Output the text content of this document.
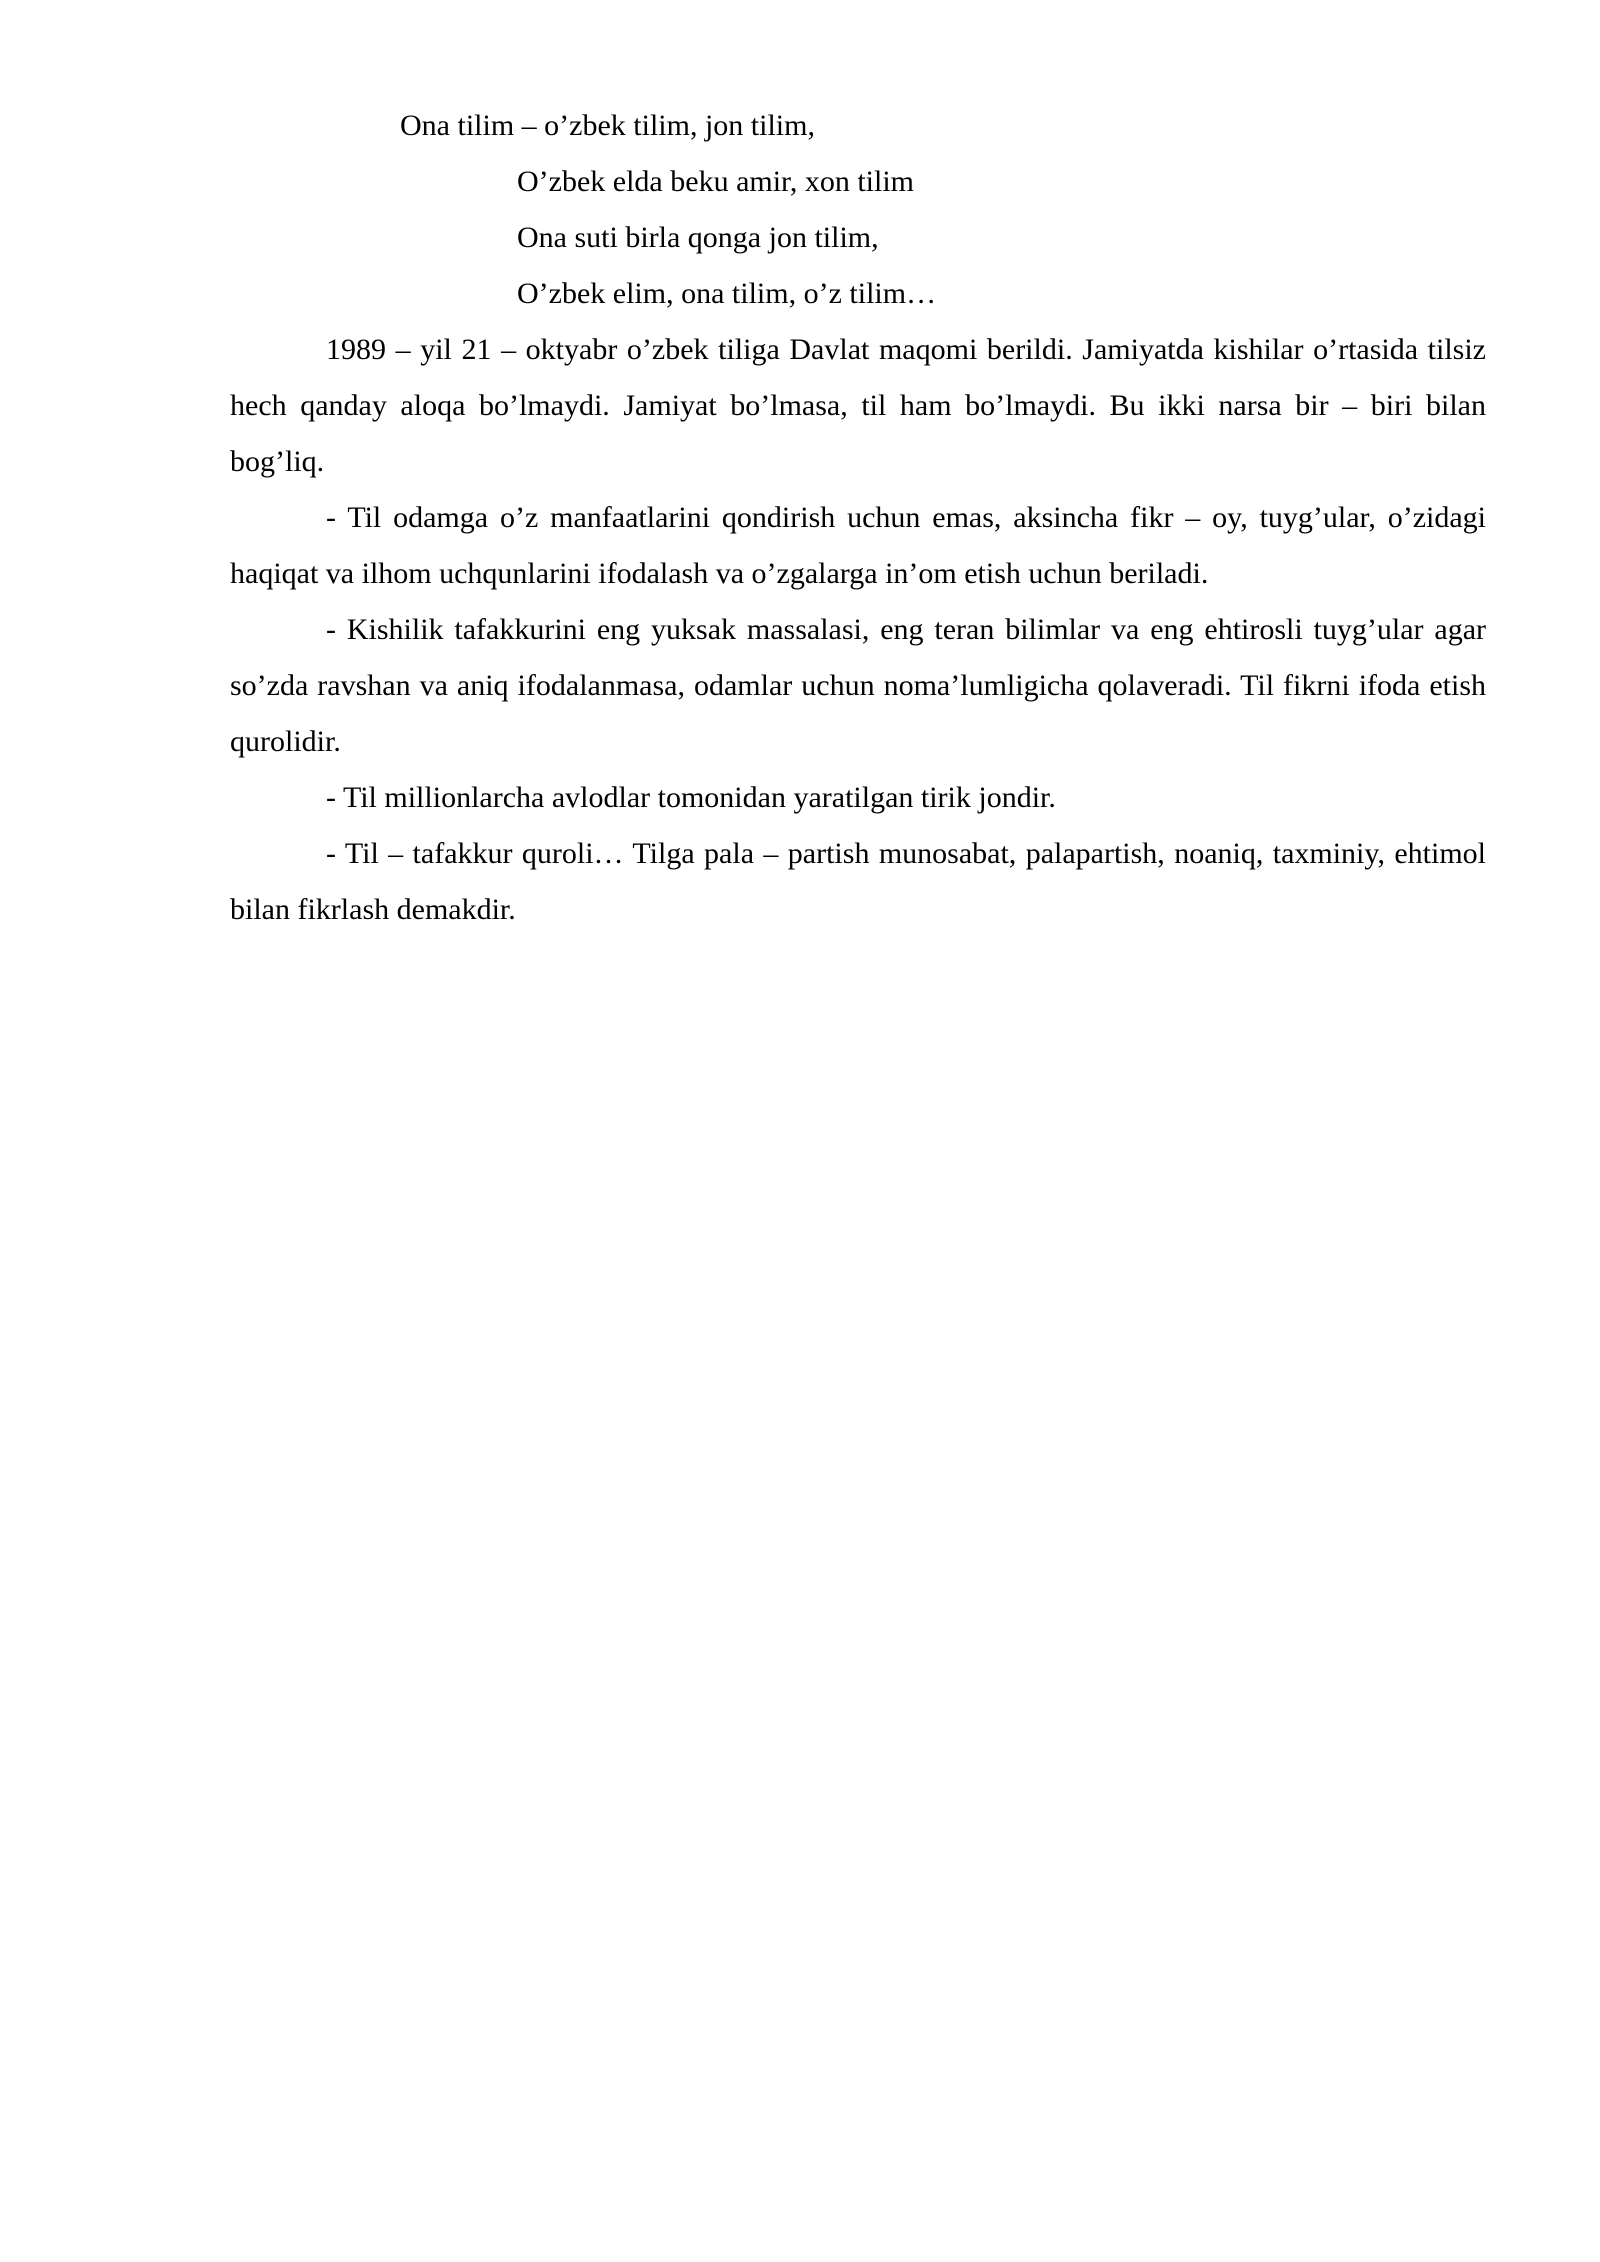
Ona tilim – o’zbek tilim, jon tilim,

O’zbek elda beku amir, xon tilim

Ona suti birla qonga jon tilim,

O’zbek elim, ona tilim, o’z tilim…

1989 – yil 21 – oktyabr o’zbek tiliga Davlat maqomi berildi. Jamiyatda kishilar o’rtasida tilsiz hech qanday aloqa bo’lmaydi. Jamiyat bo’lmasa, til ham bo’lmaydi. Bu ikki narsa bir – biri bilan bog’liq.

- Til odamga o’z manfaatlarini qondirish uchun emas, aksincha fikr – oy, tuyg’ular, o’zidagi haqiqat va ilhom uchqunlarini ifodalash va o’zgalarga in’om etish uchun beriladi.

- Kishilik tafakkurini eng yuksak massalasi, eng teran bilimlar va eng ehtirosli tuyg’ular agar so’zda ravshan va aniq ifodalanmasa, odamlar uchun noma’lumligicha qolaveradi. Til fikrni ifoda etish qurolidir.

- Til millionlarcha avlodlar tomonidan yaratilgan tirik jondir.

- Til – tafakkur quroli… Tilga pala – partish munosabat, palapartish, noaniq, taxminiy, ehtimol bilan fikrlash demakdir.
